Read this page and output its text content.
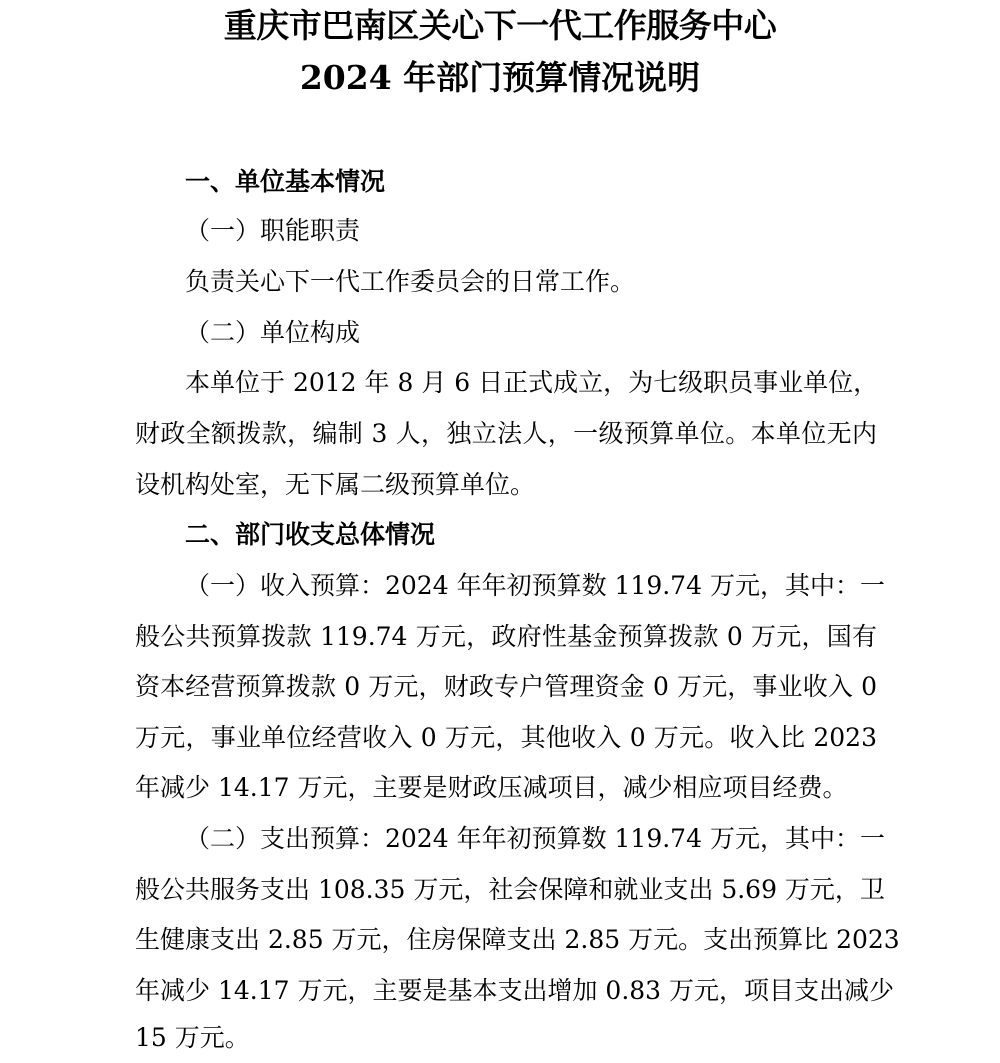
重庆市巴南区关心下一代工作服务中心
2024 年部门预算情况说明
一、单位基本情况
（一）职能职责
负责关心下一代工作委员会的日常工作。
（二）单位构成
本单位于 2012 年 8 月 6 日正式成立，为七级职员事业单位，
财政全额拨款，编制 3 人，独立法人，一级预算单位。本单位无内
设机构处室，无下属二级预算单位。
二、部门收支总体情况
（一）收入预算：2024 年年初预算数 119.74 万元，其中：一
般公共预算拨款 119.74 万元，政府性基金预算拨款 0 万元，国有
资本经营预算拨款 0 万元，财政专户管理资金 0 万元，事业收入 0
万元，事业单位经营收入 0 万元，其他收入 0 万元。收入比 2023
年减少 14.17 万元，主要是财政压减项目，减少相应项目经费。
（二）支出预算：2024 年年初预算数 119.74 万元，其中：一
般公共服务支出 108.35 万元，社会保障和就业支出 5.69 万元，卫
生健康支出 2.85 万元，住房保障支出 2.85 万元。支出预算比 2023
年减少 14.17 万元，主要是基本支出增加 0.83 万元，项目支出减少
15 万元。
